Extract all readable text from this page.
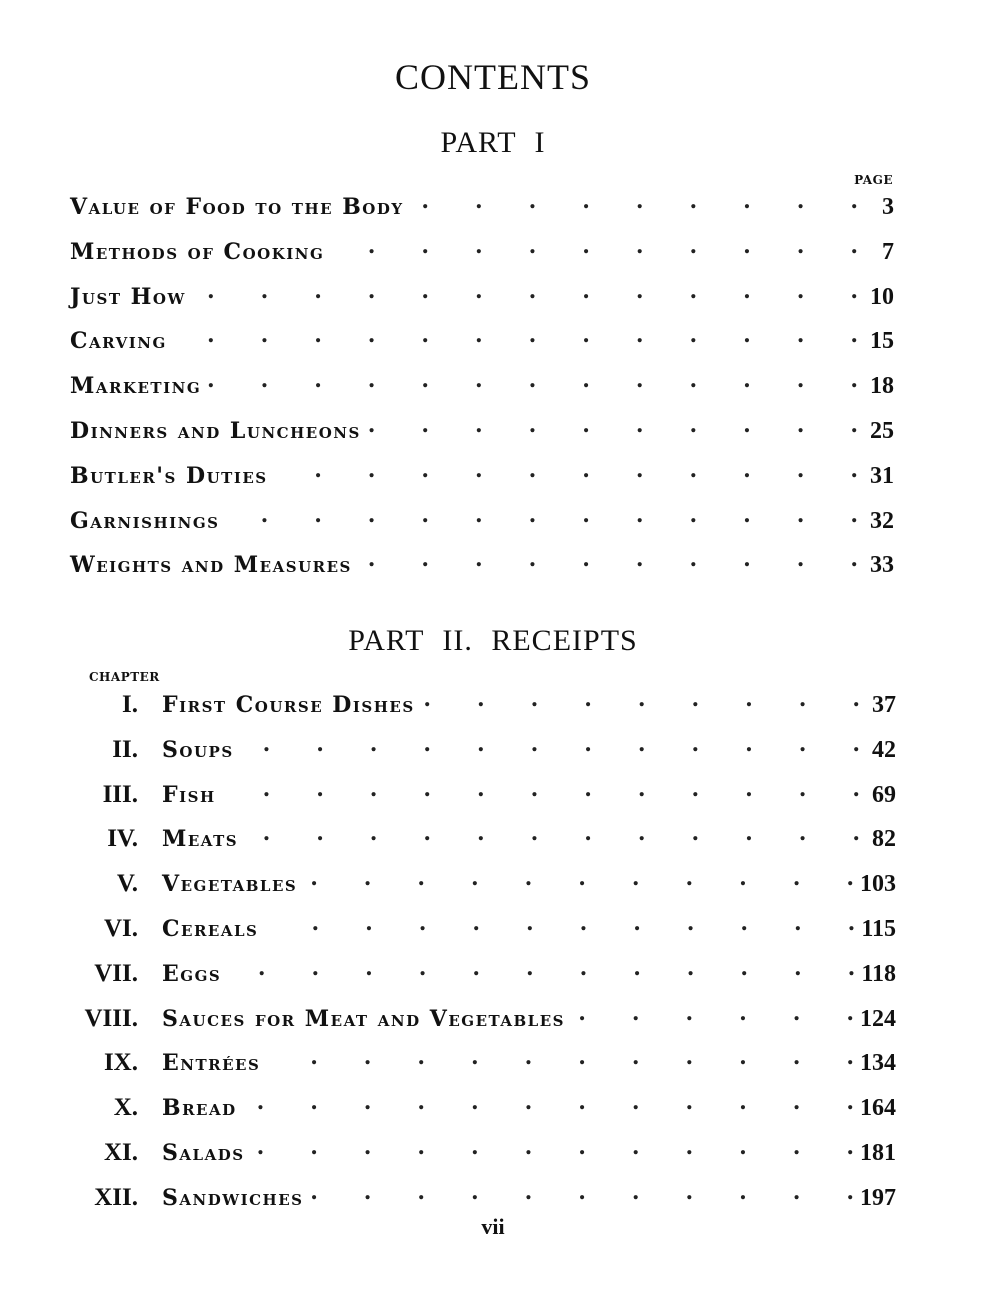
CONTENTS
PART I
PAGE
Value of Food to the Body .	3
Methods of Cooking .	7
Just How .	10
Carving .	15
Marketing .	18
Dinners and Luncheons .	25
Butler's Duties .	31
Garnishings .	32
Weights and Measures .	33
PART II. RECEIPTS
CHAPTER
I.	First Course Dishes .	37
II.	Soups .	42
III.	Fish .	69
IV.	Meats .	82
V.	Vegetables .	103
VI.	Cereals .	115
VII.	Eggs .	118
VIII.	Sauces for Meat and Vegetables .	124
IX.	Entrées .	134
X.	Bread .	164
XI.	Salads .	181
XII.	Sandwiches .	197
vii
